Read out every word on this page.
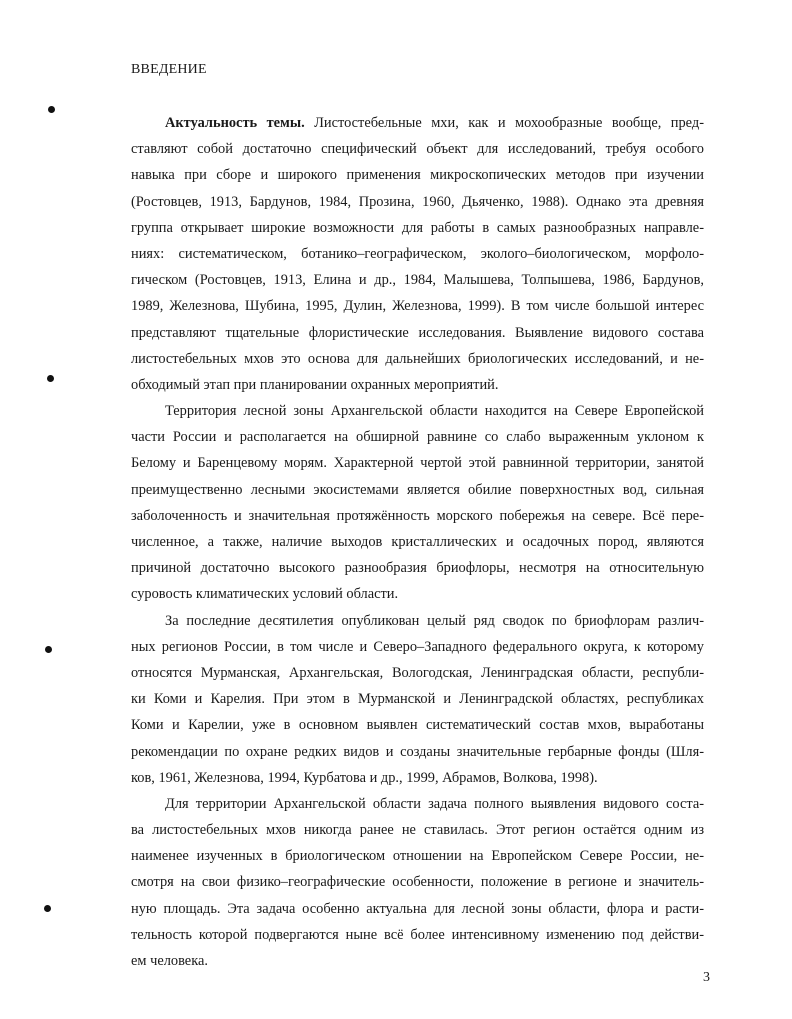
ВВЕДЕНИЕ
Актуальность темы. Листостебельные мхи, как и мохообразные вообще, пред-
ставляют собой достаточно специфический объект для исследований, требуя особого
навыка при сборе и широкого применения микроскопических методов при изучении
(Ростовцев, 1913, Бардунов, 1984, Прозина, 1960, Дьяченко, 1988). Однако эта древняя
группа открывает широкие возможности для работы в самых разнообразных направле-
ниях: систематическом, ботанико–географическом, эколого–биологическом, морфоло-
гическом (Ростовцев, 1913, Елина и др., 1984, Малышева, Толпышева, 1986, Бардунов,
1989, Железнова, Шубина, 1995, Дулин, Железнова, 1999). В том числе большой интерес
представляют тщательные флористические исследования. Выявление видового состава
листостебельных мхов это основа для дальнейших бриологических исследований, и не-
обходимый этап при планировании охранных мероприятий.
Территория лесной зоны Архангельской области находится на Севере Европейской
части России и располагается на обширной равнине со слабо выраженным уклоном к
Белому и Баренцевому морям. Характерной чертой этой равнинной территории, занятой
преимущественно лесными экосистемами является обилие поверхностных вод, сильная
заболоченность и значительная протяжённость морского побережья на севере. Всё пере-
численное, а также, наличие выходов кристаллических и осадочных пород, являются
причиной достаточно высокого разнообразия бриофлоры, несмотря на относительную
суровость климатических условий области.
За последние десятилетия опубликован целый ряд сводок по бриофлорам различ-
ных регионов России, в том числе и Северо–Западного федерального округа, к которому
относятся Мурманская, Архангельская, Вологодская, Ленинградская области, республи-
ки Коми и Карелия. При этом в Мурманской и Ленинградской областях, республиках
Коми и Карелии, уже в основном выявлен систематический состав мхов, выработаны
рекомендации по охране редких видов и созданы значительные гербарные фонды (Шля-
ков, 1961, Железнова, 1994, Курбатова и др., 1999, Абрамов, Волкова, 1998).
Для территории Архангельской области задача полного выявления видового соста-
ва листостебельных мхов никогда ранее не ставилась. Этот регион остаётся одним из
наименее изученных в бриологическом отношении на Европейском Севере России, не-
смотря на свои физико–географические особенности, положение в регионе и значитель-
ную площадь. Эта задача особенно актуальна для лесной зоны области, флора и расти-
тельность которой подвергаются ныне всё более интенсивному изменению под действи-
ем человека.
3
